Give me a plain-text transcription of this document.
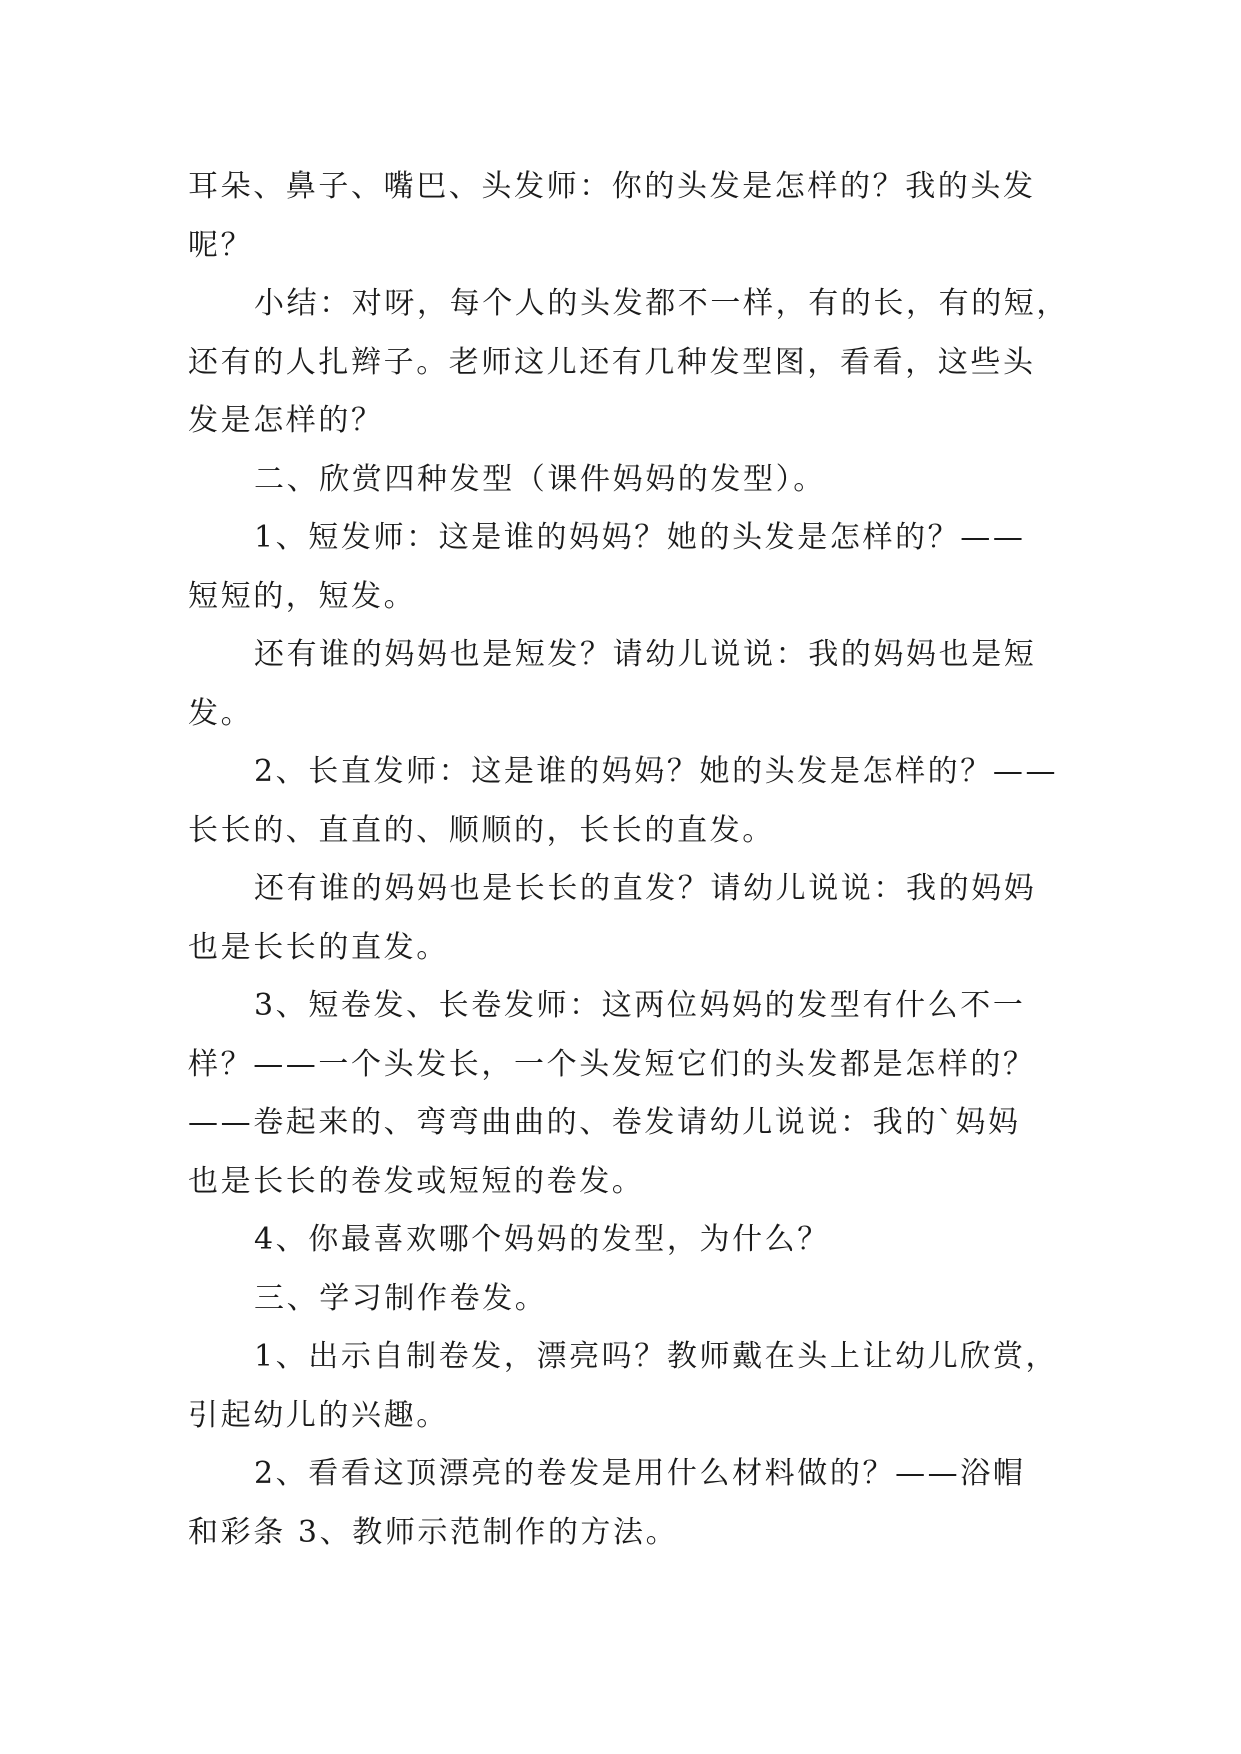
耳朵、鼻子、嘴巴、头发师：你的头发是怎样的？我的头发
呢？
小结：对呀，每个人的头发都不一样，有的长，有的短，
还有的人扎辫子。老师这儿还有几种发型图，看看，这些头
发是怎样的？
二、欣赏四种发型（课件妈妈的发型）。
1、短发师：这是谁的妈妈？她的头发是怎样的？——
短短的，短发。
还有谁的妈妈也是短发？请幼儿说说：我的妈妈也是短
发。
2、长直发师：这是谁的妈妈？她的头发是怎样的？——
长长的、直直的、顺顺的，长长的直发。
还有谁的妈妈也是长长的直发？请幼儿说说：我的妈妈
也是长长的直发。
3、短卷发、长卷发师：这两位妈妈的发型有什么不一
样？——一个头发长，一个头发短它们的头发都是怎样的？
——卷起来的、弯弯曲曲的、卷发请幼儿说说：我的`妈妈
也是长长的卷发或短短的卷发。
4、你最喜欢哪个妈妈的发型，为什么？
三、学习制作卷发。
1、出示自制卷发，漂亮吗？教师戴在头上让幼儿欣赏，
引起幼儿的兴趣。
2、看看这顶漂亮的卷发是用什么材料做的？——浴帽
和彩条 3、教师示范制作的方法。
